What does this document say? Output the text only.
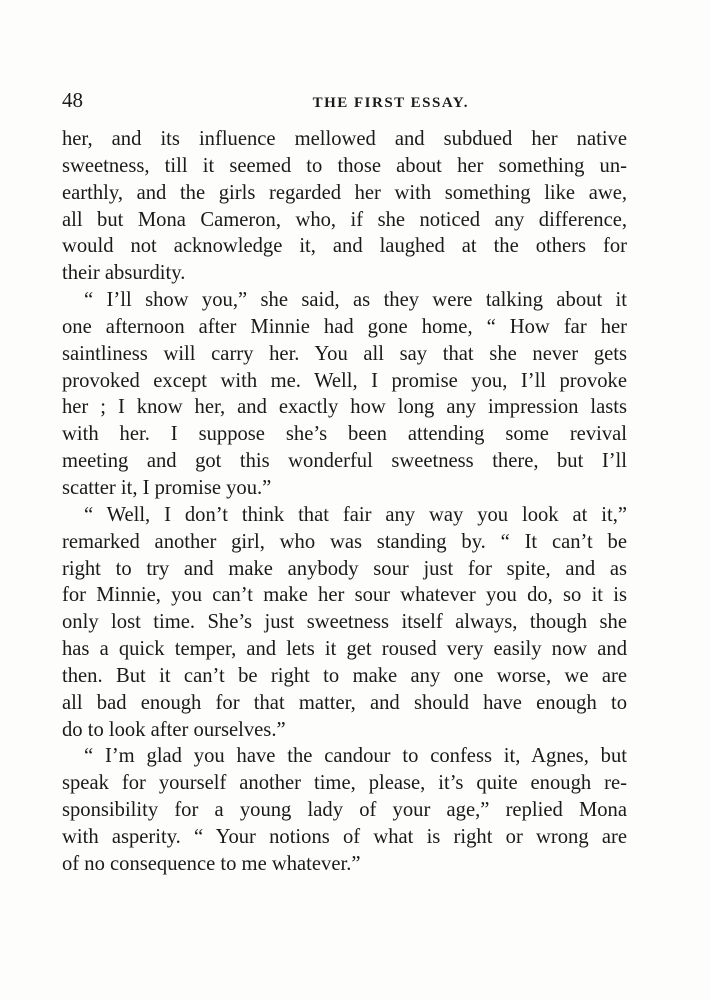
48	THE FIRST ESSAY.
her, and its influence mellowed and subdued her native
sweetness, till it seemed to those about her something un-
earthly, and the girls regarded her with something like awe,
all but Mona Cameron, who, if she noticed any difference,
would not acknowledge it, and laughed at the others for
their absurdity.
“ I’ll show you,” she said, as they were talking about it
one afternoon after Minnie had gone home, “ How far her
saintliness will carry her. You all say that she never gets
provoked except with me. Well, I promise you, I’ll provoke
her ; I know her, and exactly how long any impression lasts
with her. I suppose she’s been attending some revival
meeting and got this wonderful sweetness there, but I’ll
scatter it, I promise you.”
“ Well, I don’t think that fair any way you look at it,”
remarked another girl, who was standing by. “ It can’t be
right to try and make anybody sour just for spite, and as
for Minnie, you can’t make her sour whatever you do, so it is
only lost time. She’s just sweetness itself always, though she
has a quick temper, and lets it get roused very easily now and
then. But it can’t be right to make any one worse, we are
all bad enough for that matter, and should have enough to
do to look after ourselves.”
“ I’m glad you have the candour to confess it, Agnes, but
speak for yourself another time, please, it’s quite enough re-
sponsibility for a young lady of your age,” replied Mona
with asperity. “ Your notions of what is right or wrong are
of no consequence to me whatever.”
